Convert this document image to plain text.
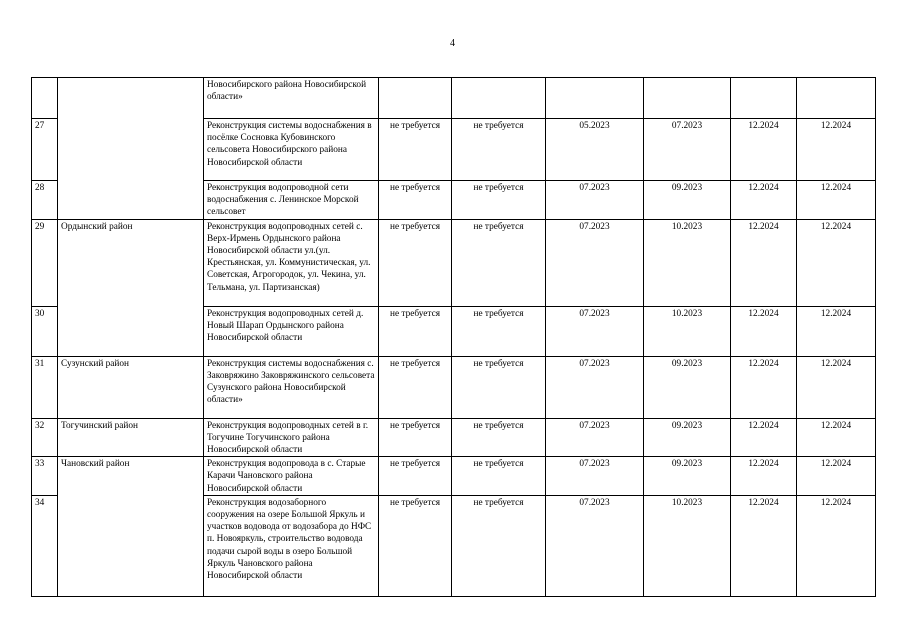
4
		Новосибирского района Новосибирской области»						
27		Реконструкция системы водоснабжения в посёлке Сосновка Кубовинского сельсовета Новосибирского района Новосибирской области	не требуется	не требуется	05.2023	07.2023	12.2024	12.2024
28		Реконструкция водопроводной сети водоснабжения с. Ленинское Морской сельсовет	не требуется	не требуется	07.2023	09.2023	12.2024	12.2024
29	Ордынский район	Реконструкция водопроводных сетей с. Верх-Ирмень Ордынского района Новосибирской области ул.(ул. Крестьянская, ул. Коммунистическая, ул. Советская, Агрогородок, ул. Чекина, ул. Тельмана, ул. Партизанская)	не требуется	не требуется	07.2023	10.2023	12.2024	12.2024
30		Реконструкция водопроводных сетей д. Новый Шарап Ордынского района Новосибирской области	не требуется	не требуется	07.2023	10.2023	12.2024	12.2024
31	Сузунский район	Реконструкция системы водоснабжения с. Заковряжино Заковряжинского сельсовета Сузунского района Новосибирской области»	не требуется	не требуется	07.2023	09.2023	12.2024	12.2024
32	Тогучинский район	Реконструкция водопроводных сетей в г. Тогучине Тогучинского района Новосибирской области	не требуется	не требуется	07.2023	09.2023	12.2024	12.2024
33	Чановский район	Реконструкция водопровода в с. Старые Карачи Чановского района Новосибирской области	не требуется	не требуется	07.2023	09.2023	12.2024	12.2024
34		Реконструкция водозаборного сооружения на озере Большой Яркуль и участков водовода от водозабора до НФС п. Новояркуль, строительство водовода подачи сырой воды в озеро Большой Яркуль Чановского района Новосибирской области	не требуется	не требуется	07.2023	10.2023	12.2024	12.2024
